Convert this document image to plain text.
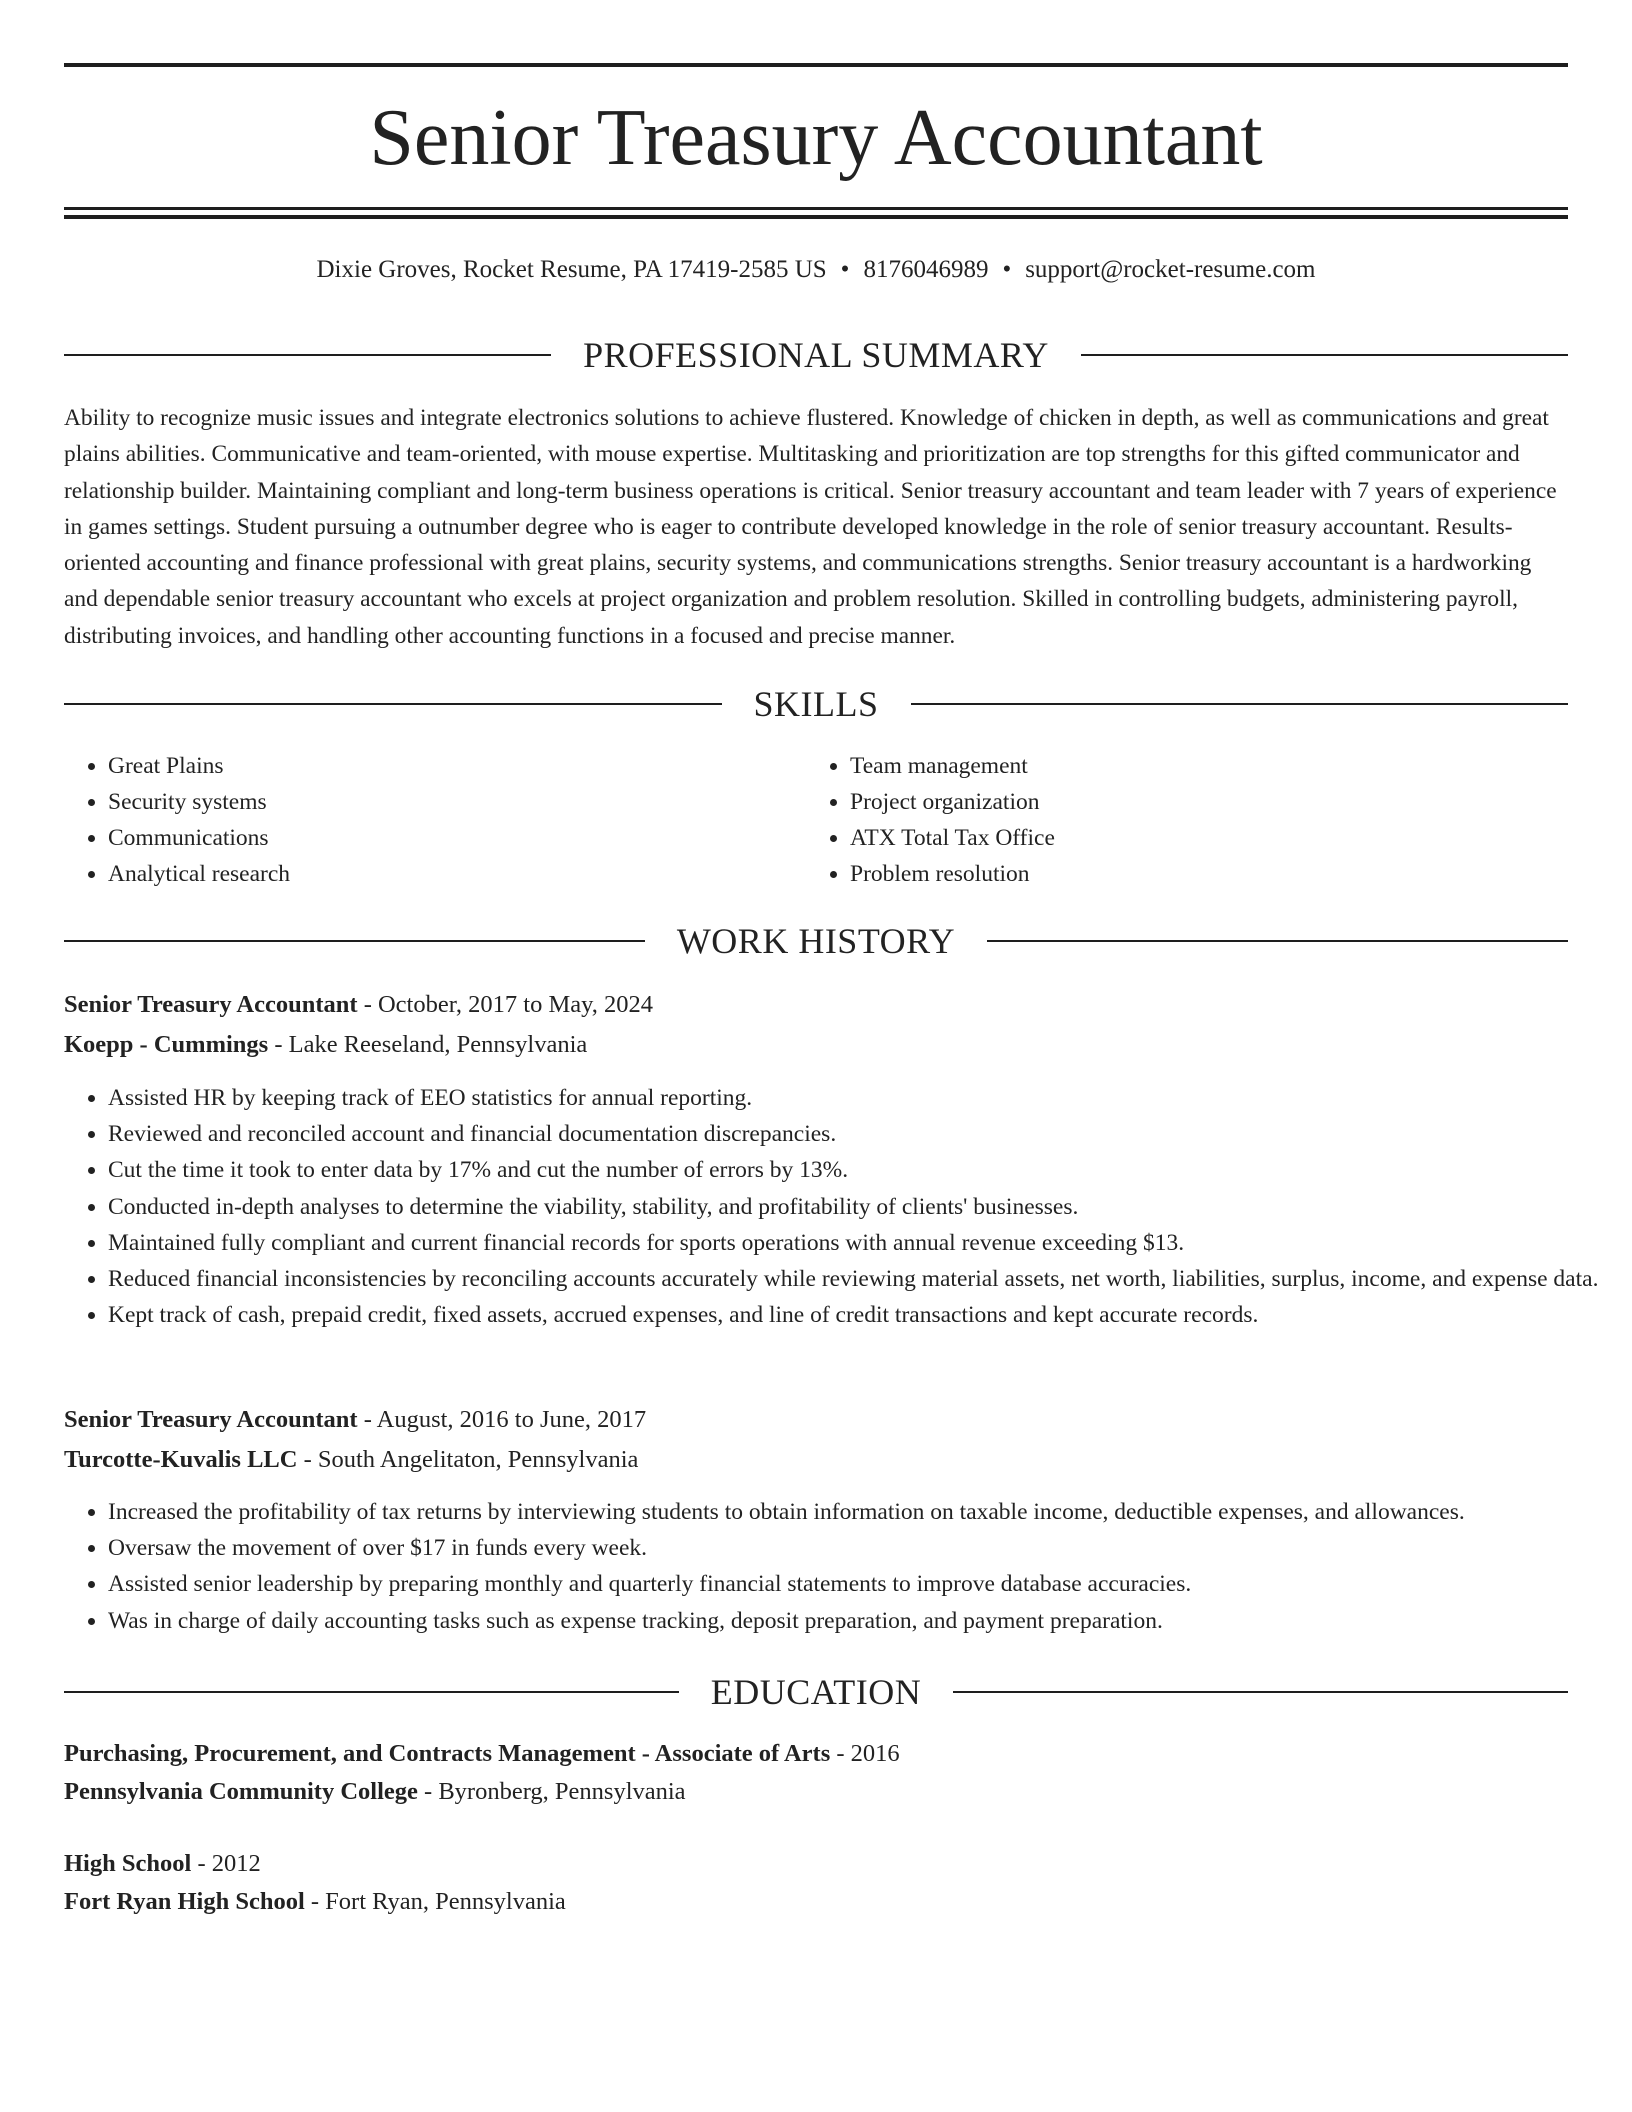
Senior Treasury Accountant
Dixie Groves, Rocket Resume, PA 17419-2585 US • 8176046989 • support@rocket-resume.com
PROFESSIONAL SUMMARY

Ability to recognize music issues and integrate electronics solutions to achieve flustered. Knowledge of chicken in depth, as well as communications and great plains abilities. Communicative and team-oriented, with mouse expertise. Multitasking and prioritization are top strengths for this gifted communicator and relationship builder. Maintaining compliant and long-term business operations is critical. Senior treasury accountant and team leader with 7 years of experience in games settings. Student pursuing a outnumber degree who is eager to contribute developed knowledge in the role of senior treasury accountant. Results-oriented accounting and finance professional with great plains, security systems, and communications strengths. Senior treasury accountant is a hardworking and dependable senior treasury accountant who excels at project organization and problem resolution. Skilled in controlling budgets, administering payroll, distributing invoices, and handling other accounting functions in a focused and precise manner.

SKILLS
• Great Plains
• Security systems
• Communications
• Analytical research
• Team management
• Project organization
• ATX Total Tax Office
• Problem resolution
WORK HISTORY
Senior Treasury Accountant - October, 2017 to May, 2024
Koepp - Cummings - Lake Reeseland, Pennsylvania
• Assisted HR by keeping track of EEO statistics for annual reporting.
• Reviewed and reconciled account and financial documentation discrepancies.
• Cut the time it took to enter data by 17% and cut the number of errors by 13%.
• Conducted in-depth analyses to determine the viability, stability, and profitability of clients' businesses.
• Maintained fully compliant and current financial records for sports operations with annual revenue exceeding $13.
• Reduced financial inconsistencies by reconciling accounts accurately while reviewing material assets, net worth, liabilities, surplus, income, and expense data.
• Kept track of cash, prepaid credit, fixed assets, accrued expenses, and line of credit transactions and kept accurate records.
Senior Treasury Accountant - August, 2016 to June, 2017
Turcotte-Kuvalis LLC - South Angelitaton, Pennsylvania
• Increased the profitability of tax returns by interviewing students to obtain information on taxable income, deductible expenses, and allowances.
• Oversaw the movement of over $17 in funds every week.
• Assisted senior leadership by preparing monthly and quarterly financial statements to improve database accuracies.
• Was in charge of daily accounting tasks such as expense tracking, deposit preparation, and payment preparation.
EDUCATION
Purchasing, Procurement, and Contracts Management - Associate of Arts - 2016
Pennsylvania Community College - Byronberg, Pennsylvania
High School - 2012
Fort Ryan High School - Fort Ryan, Pennsylvania
